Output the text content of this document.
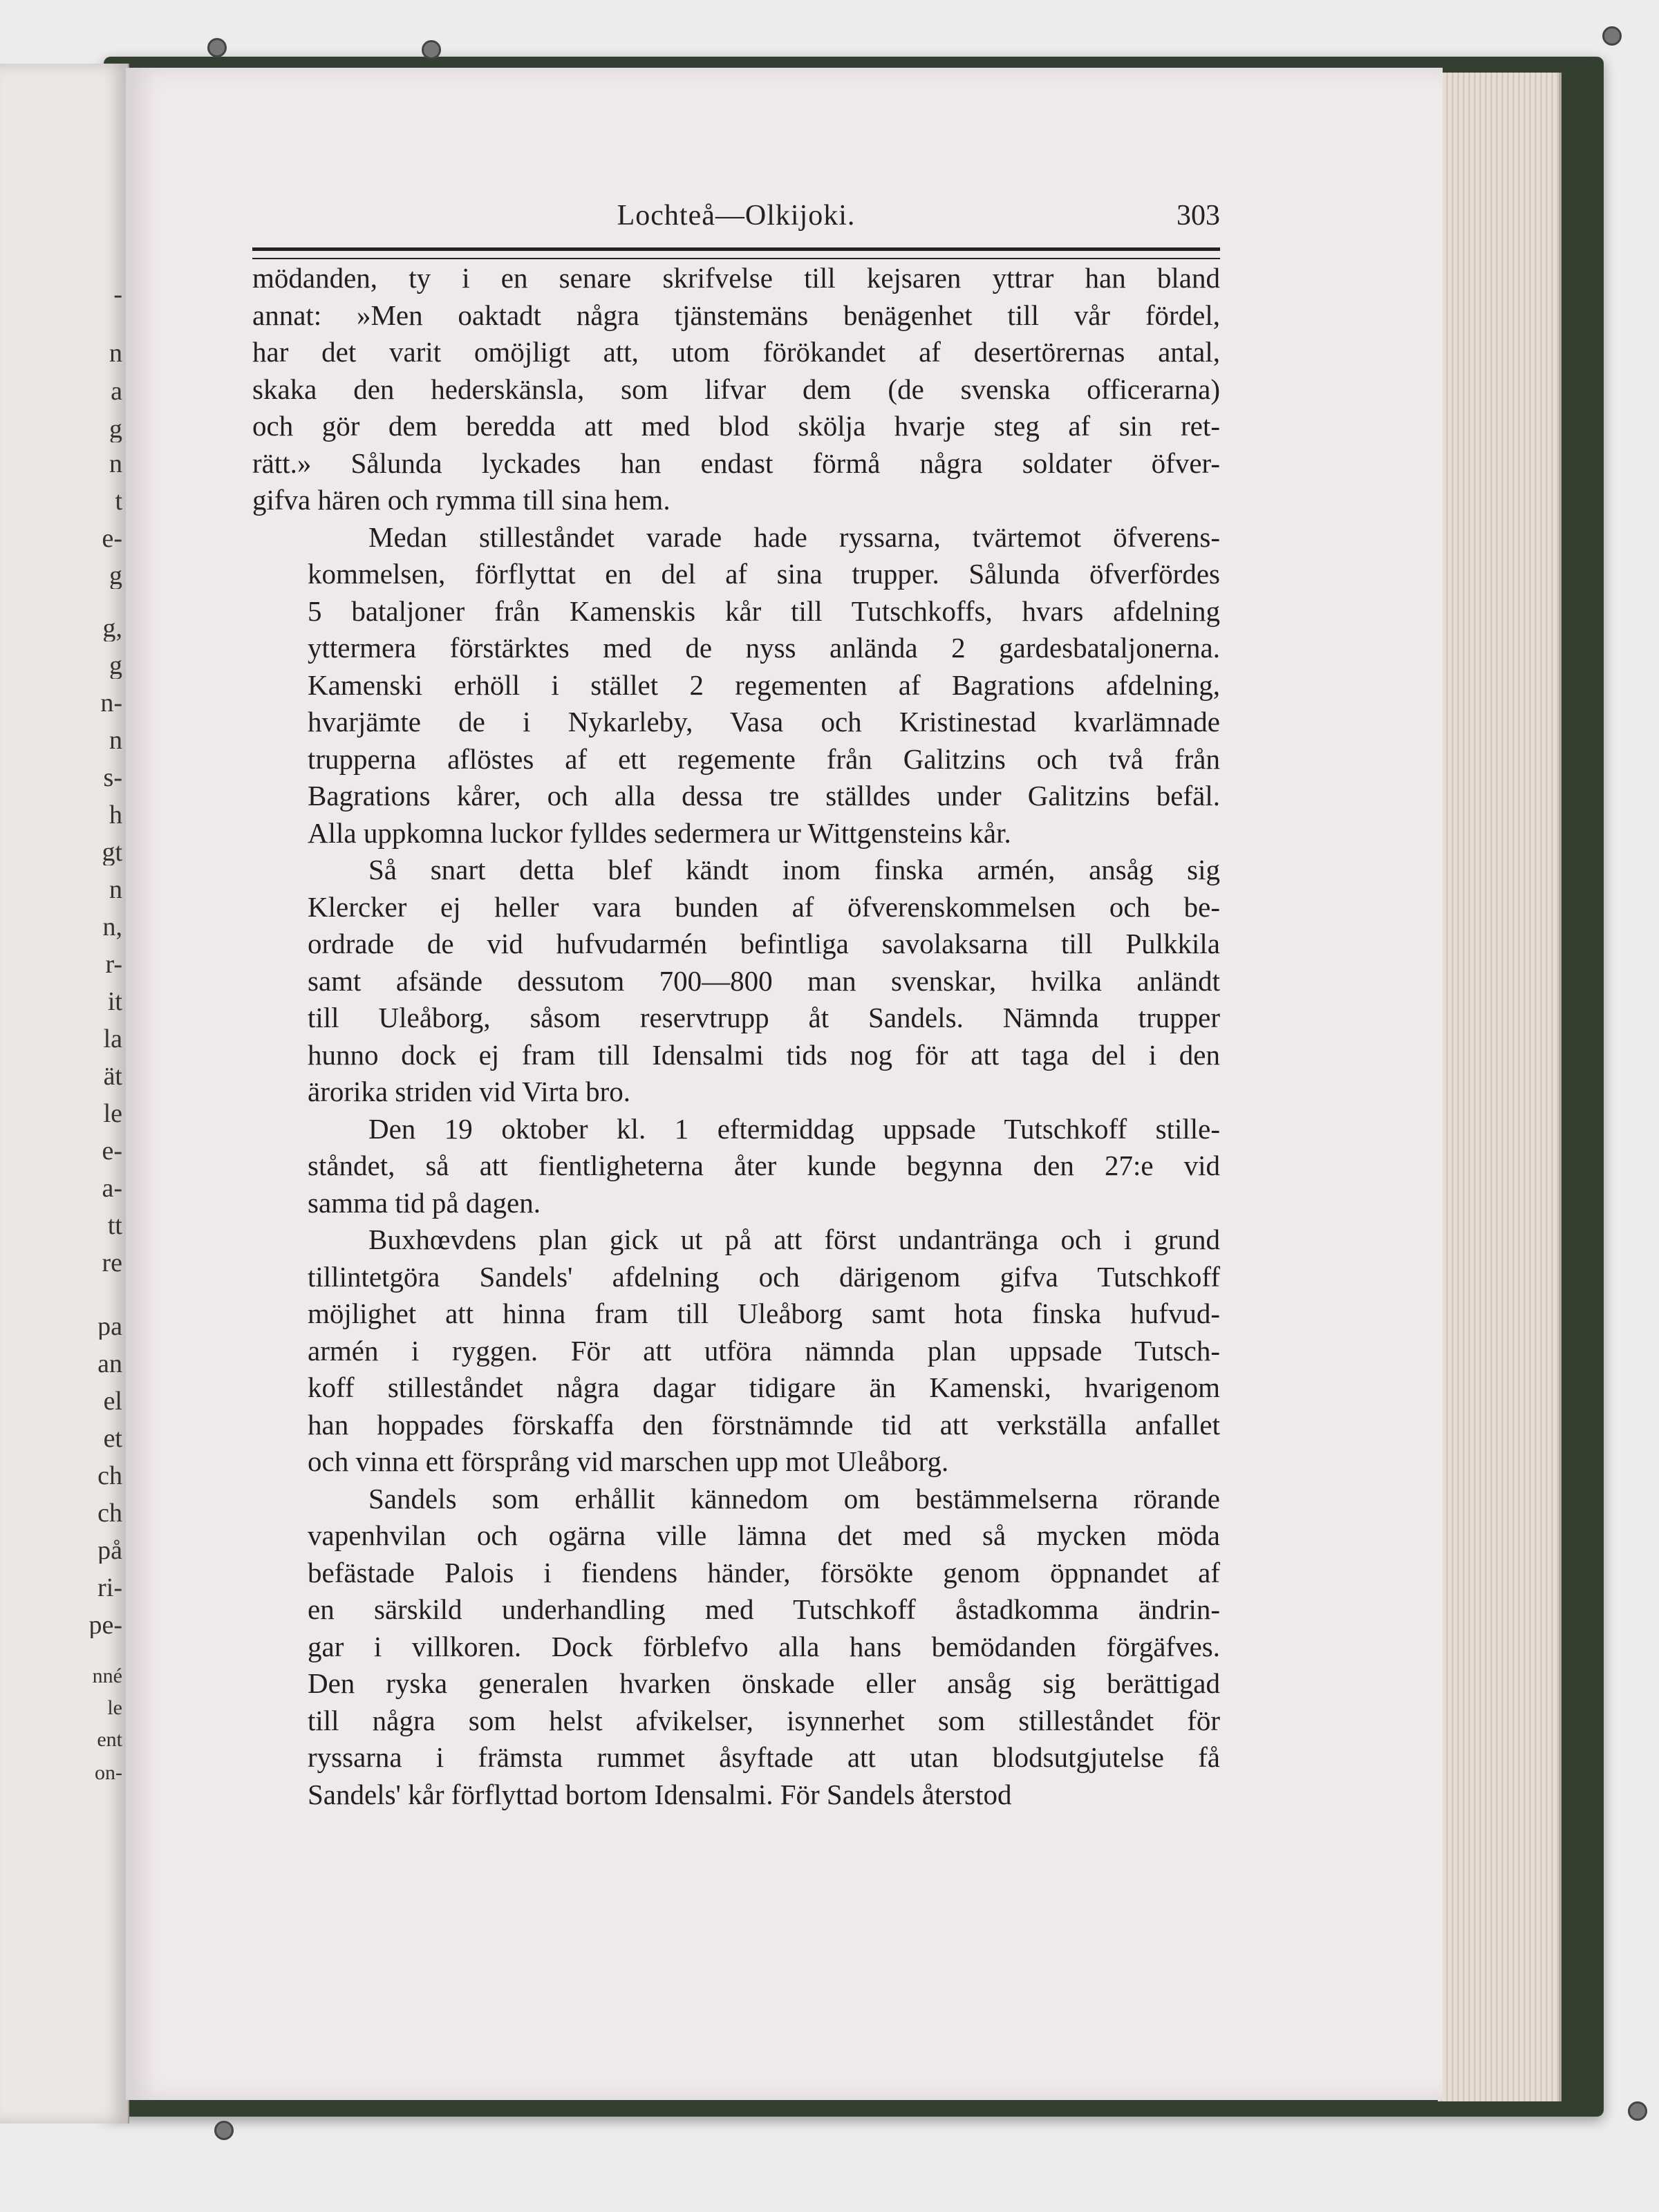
-
n
a
g
n
t
e-
g
g,
g
n-
n
s-
h
gt
n
n,
r-
it
la
ät
le
e-
a-
tt
re
pa
an
el
et
ch
ch
på
ri-
pe-
nné
le
ent
on-
Lochteå—Olkijoki.	303
mödanden, ty i en senare skrifvelse till kejsaren yttrar han bland
annat: »Men oaktadt några tjänstemäns benägenhet till vår fördel,
har det varit omöjligt att, utom förökandet af desertörernas antal,
skaka den hederskänsla, som lifvar dem (de svenska officerarna)
och gör dem beredda att med blod skölja hvarje steg af sin ret-
rätt.» Sålunda lyckades han endast förmå några soldater öfver-
gifva hären och rymma till sina hem.
Medan stilleståndet varade hade ryssarna, tvärtemot öfverens-
kommelsen, förflyttat en del af sina trupper. Sålunda öfverfördes
5 bataljoner från Kamenskis kår till Tutschkoffs, hvars afdelning
yttermera förstärktes med de nyss anlända 2 gardesbataljonerna.
Kamenski erhöll i stället 2 regementen af Bagrations afdelning,
hvarjämte de i Nykarleby, Vasa och Kristinestad kvarlämnade
trupperna aflöstes af ett regemente från Galitzins och två från
Bagrations kårer, och alla dessa tre ställdes under Galitzins befäl.
Alla uppkomna luckor fylldes sedermera ur Wittgensteins kår.
Så snart detta blef kändt inom finska armén, ansåg sig
Klercker ej heller vara bunden af öfverenskommelsen och be-
ordrade de vid hufvudarmén befintliga savolaksarna till Pulkkila
samt afsände dessutom 700—800 man svenskar, hvilka anländt
till Uleåborg, såsom reservtrupp åt Sandels. Nämnda trupper
hunno dock ej fram till Idensalmi tids nog för att taga del i den
ärorika striden vid Virta bro.
Den 19 oktober kl. 1 eftermiddag uppsade Tutschkoff stille-
ståndet, så att fientligheterna åter kunde begynna den 27:e vid
samma tid på dagen.
Buxhœvdens plan gick ut på att först undantränga och i grund
tillintetgöra Sandels' afdelning och därigenom gifva Tutschkoff
möjlighet att hinna fram till Uleåborg samt hota finska hufvud-
armén i ryggen. För att utföra nämnda plan uppsade Tutsch-
koff stilleståndet några dagar tidigare än Kamenski, hvarigenom
han hoppades förskaffa den förstnämnde tid att verkställa anfallet
och vinna ett försprång vid marschen upp mot Uleåborg.
Sandels som erhållit kännedom om bestämmelserna rörande
vapenhvilan och ogärna ville lämna det med så mycken möda
befästade Palois i fiendens händer, försökte genom öppnandet af
en särskild underhandling med Tutschkoff åstadkomma ändrin-
gar i villkoren. Dock förblefvo alla hans bemödanden förgäfves.
Den ryska generalen hvarken önskade eller ansåg sig berättigad
till några som helst afvikelser, isynnerhet som stilleståndet för
ryssarna i främsta rummet åsyftade att utan blodsutgjutelse få
Sandels' kår förflyttad bortom Idensalmi. För Sandels återstod
